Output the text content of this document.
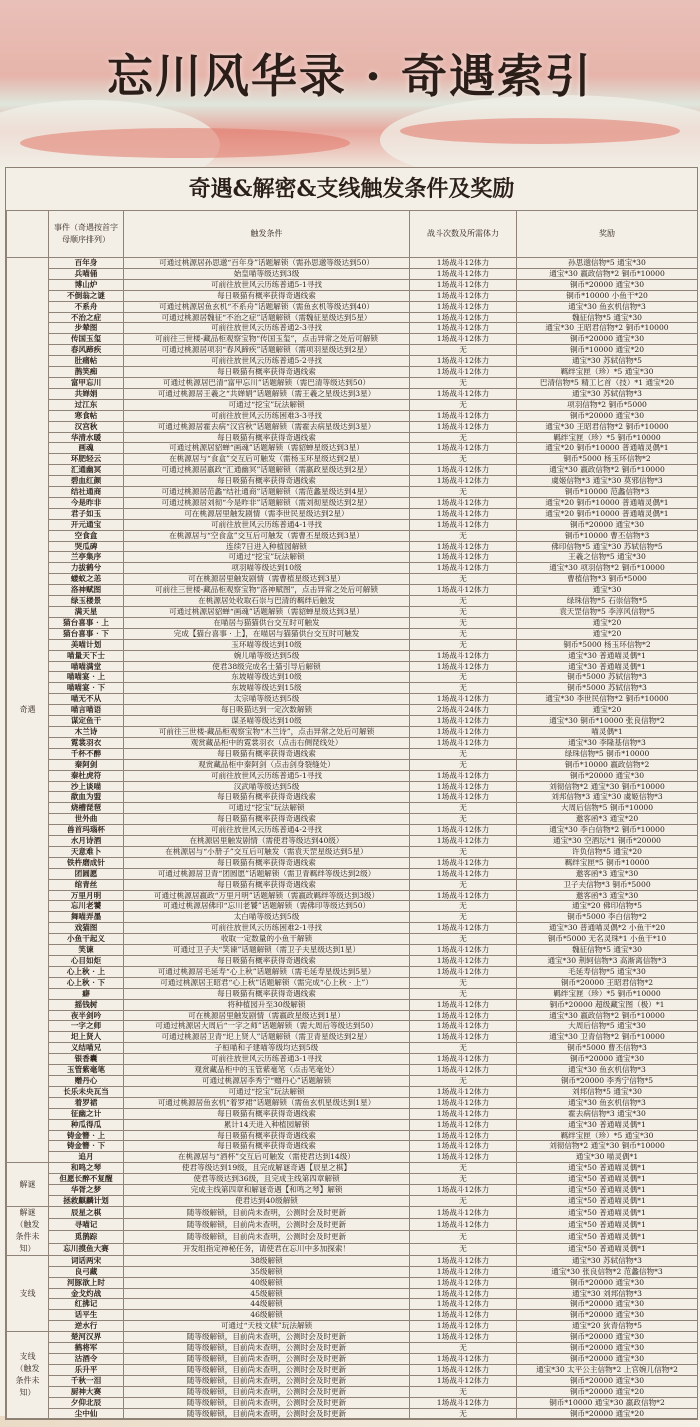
忘川风华录 · 奇遇索引
奇遇&解密&支线触发条件及奖励
	事件（奇遇按首字母顺序排列）	触发条件	战斗次数及所需体力	奖励
奇遇	百年身	可通过桃源居孙思邈“百年身”话题解锁（需孙思邈等级达到50）	1场战斗12体力	孙思邈信物*5 通宝*30
	兵喵俑	始皇喵等级达到3级	1场战斗12体力	通宝*30 嬴政信物*2 铜币*10000
	博山炉	可前往放世风云历练普通5-1寻找	1场战斗12体力	铜币*20000 通宝*30
	不倒翁之谜	每日吸猫有概率获得奇遇线索	1场战斗12体力	铜币*10000 小鱼干*20
	不系舟	可通过桃源居鱼玄机“不系舟”话题解锁（需鱼玄机等级达到40）	1场战斗12体力	通宝*30 鱼玄机信物*3
	不治之症	可通过桃源居魏征“不治之症”话题解锁（需魏征星级达到5星）	1场战斗12体力	魏征信物*5 通宝*30
	步辇图	可前往放世风云历练普通2-3寻找	1场战斗12体力	通宝*30 王昭君信物*2 铜币*10000
	传国玉玺	可前往三世楼-藏品柜观察宝物“传国玉玺”，点击异常之处后可解锁	1场战斗12体力	铜币*20000 通宝*30
	春风蹄疾	可通过桃源居项羽“春风蹄疾”话题解锁（需项羽星级达到2星）	无	铜币*10000 通宝*20
	肚痛帖	可前往放世风云历练普通5-2寻找	1场战斗12体力	通宝*30 苏轼信物*5
	鹊笑痴	每日吸猫有概率获得奇遇线索	1场战斗12体力	羁绊宝匣（珍）*5 通宝*30
	富甲忘川	可通过桃源居巴清“富甲忘川”话题解锁（需巴清等级达到50）	无	巴清信物*5 精工匕首（技）*1 通宝*20
	共婵娟	可通过桃源居王羲之“共婵娟”话题解锁（需王羲之星级达到3星）	1场战斗12体力	通宝*30 苏轼信物*3
	过江东	可通过“挖宝”玩法解锁	无	项羽信物*2 铜币*5000
	寒食帖	可前往放世风云历练困难3-3寻找	1场战斗12体力	铜币*20000 通宝*30
	汉宫秋	可通过桃源居霍去病“汉宫秋”话题解锁（需霍去病星级达到3星）	1场战斗12体力	通宝*30 王昭君信物*2 铜币*10000
	华清水暖	每日吸猫有概率获得奇遇线索	无	羁绊宝匣（珍）*5 铜币*10000
	画魂	可通过桃源居貂蝉“画魂”话题解锁（需貂蝉星级达到3星）	1场战斗12体力	通宝*20 铜币*10000 普通喵灵偶*1
	环肥轻云	在桃源居与“食盒”交互后可触发（需杨玉环星级达到2星）	无	铜币*5000 杨玉环信物*2
	汇通幽冥	可通过桃源居嬴政“汇通幽冥”话题解锁（需嬴政星级达到2星）	1场战斗12体力	通宝*30 嬴政信物*2 铜币*10000
	碧血红颜	每日吸猫有概率获得奇遇线索	1场战斗12体力	虞姬信物*3 通宝*30 莫邪信物*3
	结社通商	可通过桃源居范蠡“结社通商”话题解锁（需范蠡星级达到4星）	无	铜币*10000 范蠡信物*3
	今是昨非	可通过桃源居刘彻“今是昨非”话题解锁（需刘彻星级达到2星）	1场战斗12体力	通宝*20 铜币*10000 普通喵灵偶*1
	君子如玉	可在桃源居里触发剧情（需李世民星级达到2星）	1场战斗12体力	通宝*20 铜币*10000 普通喵灵偶*1
	开元通宝	可前往放世风云历练普通4-1寻找	1场战斗12体力	铜币*20000 通宝*30
	空食盒	在桃源居与“空食盒”交互后可触发（需曹丕星级达到3星）	无	铜币*10000 曹丕信物*3
	哭瓜碑	连续7日进入种植园解锁	1场战斗12体力	佛印信物*5 通宝*30 苏轼信物*5
	兰亭集序	可通过“挖宝”玩法解锁	1场战斗12体力	王羲之信物*5 通宝*30
	力拔鹤兮	项羽喵等级达到10级	1场战斗12体力	通宝*30 项羽信物*2 铜币*10000
	蝼蚁之恙	可在桃源居里触发剧情（需曹植星级达到3星）	无	曹植信物*3 铜币*5000
	洛神赋图	可前往三世楼-藏品柜观察宝物“洛神赋图”，点击异常之处后可解锁	1场战斗12体力	通宝*30
	绿玉楼景	在桃源居处收取石崇与巴清的羁绊后触发	无	绿珠信物*5 石崇信物*5
	满天星	可通过桃源居貂蝉“画魂”话题解锁（需貂蝉星级达到3星）	无	袁天罡信物*5 李淳风信物*5
	猫台喜事 · 上	在喵居与猫猫供台交互时可触发	无	通宝*20
	猫台喜事 · 下	完成【猫台喜事 · 上】，在喵居与猫猫供台交互时可触发	无	通宝*20
	美喵计划	玉环喵等级达到10级	无	铜币*5000 杨玉环信物*2
	喵量天下士	婉儿喵等级达到5级	1场战斗12体力	通宝*30 普通喵灵偶*1
	喵喵满堂	使君38级完成名士猫引导后解锁	1场战斗12体力	通宝*30 普通喵灵偶*1
	喵喵宴 · 上	东坡喵等级达到10级	无	铜币*5000 苏轼信物*3
	喵喵宴 · 下	东坡喵等级达到15级	无	铜币*5000 苏轼信物*3
	喵无不从	太宗喵等级达到5级	1场战斗12体力	通宝*30 李世民信物*2 铜币*10000
	喵言喵语	每日吸猫达到一定次数解锁	2场战斗24体力	通宝*20
	谋定鱼干	谋圣喵等级达到10级	1场战斗12体力	通宝*30 铜币*10000 张良信物*2
	木兰诗	可前往三世楼-藏品柜观察宝物“木兰诗”，点击异常之处后可解锁	1场战斗12体力	喵灵偶*1
	霓裳羽衣	观赏藏品柜中的霓裳羽衣（点击右侧琵线处）	1场战斗12体力	通宝*30 李隆基信物*3
	千杯不醉	每日吸猫有概率获得奇遇线索	无	绿珠信物*5 铜币*10000
	秦阿剑	观赏藏品柜中秦阿剑（点击剑身裂缝处）	无	铜币*10000 嬴政信物*2
	秦杜虎符	可前往放世风云历练普通5-1寻找	1场战斗12体力	铜币*20000 通宝*30
	沙上谈喵	汉武喵等级达到5级	1场战斗12体力	刘彻信物*2 通宝*30 铜币*10000
	歃血为盟	每日吸猫有概率获得奇遇线索	1场战斗12体力	刘邦信物*3 通宝*30 虞姬信物*3
	烧槽琵琶	可通过“挖宝”玩法解锁	无	大周后信物*5 铜币*10000
	世外曲	每日吸猫有概率获得奇遇线索	无	邀客函*3 通宝*20
	兽首玛瑙杯	可前往放世风云历练普通4-2寻找	1场战斗12体力	通宝*30 李白信物*2 铜币*10000
	水月诗酒	在桃源居里触发剧情（需使君等级达到40级）	1场战斗12体力	通宝*30 空酒坛*1 铜币*20000
	天意难卜	在桃源居与“小册子”交互后可触发（需袁天罡星级达到5星）	无	许负信物*5 通宝*20
	铁杵磨成针	每日吸猫有概率获得奇遇线索	1场战斗12体力	羁绊宝匣*5 铜币*10000
	团圆愿	可通过桃源居卫青“团圆愿”话题解锁（需卫青羁绊等级达到2级）	1场战斗12体力	邀客函*3 通宝*30
	绾青丝	每日吸猫有概率获得奇遇线索	无	卫子夫信物*3 铜币*5000
	万里月明	可通过桃源居嬴政“万里月明”话题解锁（需嬴政羁绊等级达到3级）	1场战斗12体力	邀客函*3 通宝*30
	忘川老饕	可通过桃源居佛印“忘川老饕”话题解锁（需佛印等级达到50）	无	通宝*20 佛印信物*5
	舞喵弄墨	太白喵等级达到5级	无	铜币*5000 李白信物*2
	戏猫图	可前往放世风云历练困难2-1寻找	1场战斗12体力	通宝*30 普通喵灵偶*2 小鱼干*20
	小鱼干起义	收取一定数量的小鱼干解锁	无	铜币*5000 无名灵珠*1 小鱼干*10
	笑谏	可通过卫子夫“笑谏”话题解锁（需卫子夫星级达到1星）	1场战斗12体力	魏征信物*5 通宝*30
	心目如炬	每日吸猫有概率获得奇遇线索	1场战斗12体力	通宝*30 荆轲信物*3 高渐离信物*3
	心上秋 · 上	可通过桃源居毛延寿“心上秋”话题解锁（需毛延寿星级达到5星）	1场战斗12体力	毛延寿信物*5 通宝*30
	心上秋 · 下	可通过桃源居王昭君“心上秋”话题解锁（需完成“心上秋 · 上”）	无	铜币*20000 王昭君信物*2
	癖	每日吸猫有概率获得奇遇线索	无	羁绊宝匣（珍）*5 铜币*10000
	摇钱树	将种植园升至30级解锁	1场战斗12体力	铜币*20000 超级藏宝图（极）*1
	夜半剑吟	可在桃源居里触发剧情（需嬴政星级达到1星）	1场战斗12体力	通宝*30 嬴政信物*2 铜币*10000
	一字之师	可通过桃源居大周后“一字之师”话题解锁（需大周后等级达到50）	1场战斗12体力	大周后信物*5 通宝*30
	圯上贤人	可通过桃源居卫青“圯上贤人”话题解锁（需卫青星级达到2星）	1场战斗12体力	通宝*30 卫青信物*2 铜币*10000
	义结喵兄	子桓喵和子建喵等级均达到5级	无	铜币*5000 曹丕信物*3
	银香囊	可前往放世风云历练普通3-1寻找	1场战斗12体力	铜币*20000 通宝*30
	玉管紫毫笔	观赏藏品柜中的玉管紫毫笔（点击笔毫处）	1场战斗12体力	通宝*30 鱼玄机信物*3
	赠丹心	可通过桃源居李秀宁“赠丹心”话题解锁	无	铜币*20000 李秀宁信物*5
	长乐未央瓦当	可通过“挖宝”玩法解锁	1场战斗12体力	刘邦信物*5 通宝*30
	着罗裙	可通过桃源居鱼玄机“着罗裙”话题解锁（需鱼玄机星级达到1星）	1场战斗12体力	通宝*30 鱼玄机信物*3
	征幽之计	每日吸猫有概率获得奇遇线索	1场战斗12体力	霍去病信物*3 通宝*30
	种瓜得瓜	累计14天进入种植园解锁	1场战斗12体力	通宝*30 普通喵灵偶*1
	铸金簪 · 上	每日吸猫有概率获得奇遇线索	1场战斗12体力	羁绊宝匣（珍）*5 通宝*30
	铸金簪 · 下	每日吸猫有概率获得奇遇线索	1场战斗12体力	刘彻信物*2 通宝*30 铜币*10000
	追月	在桃源居与“酒杯”交互后可触发（需使君达到14级）	1场战斗12体力	通宝*30 喵灵偶*1
解谜	和鸣之琴	使君等级达到19级，且完成解谜奇遇【辰星之棋】	无	通宝*50 普通喵灵偶*1
	但愿长醉不复醒	使君等级达到36级，且完成主线第四章解锁	无	通宝*50 普通喵灵偶*1
	华胥之梦	完成主线第四章和解谜奇遇【和鸣之琴】解锁	1场战斗12体力	通宝*50 普通喵灵偶*1
	拯救麒麟计划	使君达到40级解锁	无	通宝*50 普通喵灵偶*1
解谜（触发条件未知）	辰星之棋	随等级解锁，目前尚未查明，公测时会及时更新	1场战斗12体力	通宝*50 普通喵灵偶*1
	寻喵记	随等级解锁，目前尚未查明，公测时会及时更新	1场战斗12体力	通宝*50 普通喵灵偶*1
	觅鹊踪	随等级解锁，目前尚未查明，公测时会及时更新	无	通宝*50 普通喵灵偶*1
	忘川摸鱼大赛	开发组指定神秘任务，请使君在忘川中多加探索！	无	通宝*50 普通喵灵偶*1
支线	词话两宋	38级解锁	1场战斗12体力	通宝*30 苏轼信物*3
	良弓藏	35级解锁	1场战斗12体力	通宝*30 张良信物*2 范蠡信物*3
	河豚欲上时	40级解锁	1场战斗12体力	铜币*20000 通宝*30
	金戈灼战	45级解锁	1场战斗12体力	通宝*30 刘邦信物*3
	红拂记	44级解锁	1场战斗12体力	铜币*20000 通宝*30
	话平生	46级解锁	1场战斗12体力	铜币*20000 通宝*30
	逆水行	可通过“天枝文牍”玩法解锁	1场战斗12体力	通宝*20 狄青信物*5
支线（触发条件未知）	楚河汉界	随等级解锁，目前尚未查明，公测时会及时更新	1场战斗12体力	铜币*20000 通宝*30
	鹤将军	随等级解锁，目前尚未查明，公测时会及时更新	无	铜币*20000 通宝*30
	沽酒令	随等级解锁，目前尚未查明，公测时会及时更新	1场战斗12体力	铜币*20000 通宝*30
	乐升平	随等级解锁，目前尚未查明，公测时会及时更新	1场战斗12体力	通宝*30 太平公主信物*2 上官婉儿信物*2
	千秋一泪	随等级解锁，目前尚未查明，公测时会及时更新	1场战斗12体力	铜币*20000 通宝*30
	厨神大赛	随等级解锁，目前尚未查明，公测时会及时更新	无	铜币*20000 通宝*20
	夕仰北辰	随等级解锁，目前尚未查明，公测时会及时更新	1场战斗12体力	铜币*10000 通宝*30 嬴政信物*2
	尘中仙	随等级解锁，目前尚未查明，公测时会及时更新	无	铜币*20000 通宝*20
